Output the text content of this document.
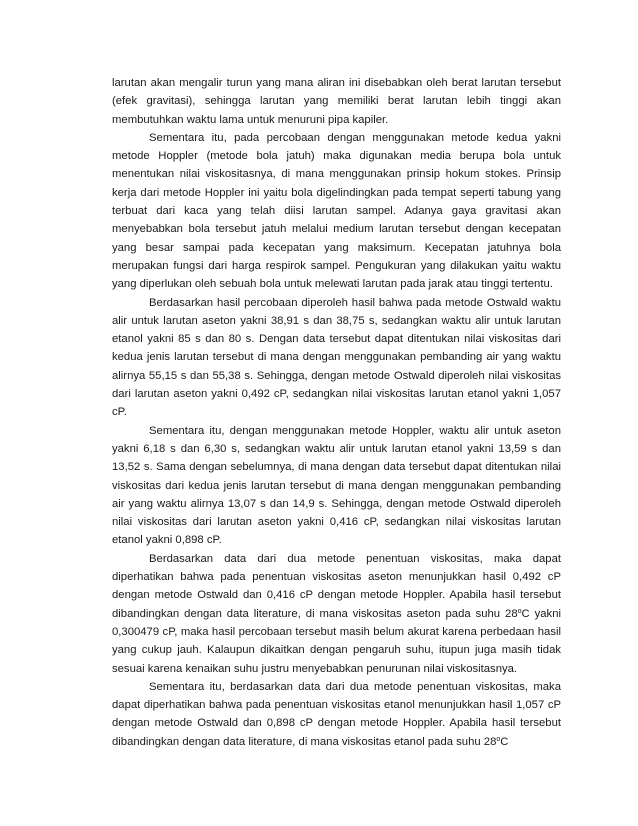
larutan akan mengalir turun yang mana aliran ini disebabkan oleh berat larutan tersebut (efek gravitasi), sehingga larutan yang memiliki berat larutan lebih tinggi akan membutuhkan waktu lama untuk menuruni pipa kapiler.

Sementara itu, pada percobaan dengan menggunakan metode kedua yakni metode Hoppler (metode bola jatuh) maka digunakan media berupa bola untuk menentukan nilai viskositasnya, di mana menggunakan prinsip hokum stokes. Prinsip kerja dari metode Hoppler ini yaitu bola digelindingkan pada tempat seperti tabung yang terbuat dari kaca yang telah diisi larutan sampel. Adanya gaya gravitasi akan menyebabkan bola tersebut jatuh melalui medium larutan tersebut dengan kecepatan yang besar sampai pada kecepatan yang maksimum. Kecepatan jatuhnya bola merupakan fungsi dari harga respirok sampel. Pengukuran yang dilakukan yaitu waktu yang diperlukan oleh sebuah bola untuk melewati larutan pada jarak atau tinggi tertentu.

Berdasarkan hasil percobaan diperoleh hasil bahwa pada metode Ostwald waktu alir untuk larutan aseton yakni 38,91 s dan 38,75 s, sedangkan waktu alir untuk larutan etanol yakni 85 s dan 80 s. Dengan data tersebut dapat ditentukan nilai viskositas dari kedua jenis larutan tersebut di mana dengan menggunakan pembanding air yang waktu alirnya 55,15 s dan 55,38 s. Sehingga, dengan metode Ostwald diperoleh nilai viskositas dari larutan aseton yakni 0,492 cP, sedangkan nilai viskositas larutan etanol yakni 1,057 cP.

Sementara itu, dengan menggunakan metode Hoppler, waktu alir untuk aseton yakni 6,18 s dan 6,30 s, sedangkan waktu alir untuk larutan etanol yakni 13,59 s dan 13,52 s. Sama dengan sebelumnya, di mana dengan data tersebut dapat ditentukan nilai viskositas dari kedua jenis larutan tersebut di mana dengan menggunakan pembanding air yang waktu alirnya 13,07 s dan 14,9 s. Sehingga, dengan metode Ostwald diperoleh nilai viskositas dari larutan aseton yakni 0,416 cP, sedangkan nilai viskositas larutan etanol yakni 0,898 cP.

Berdasarkan data dari dua metode penentuan viskositas, maka dapat diperhatikan bahwa pada penentuan viskositas aseton menunjukkan hasil 0,492 cP dengan metode Ostwald dan 0,416 cP dengan metode Hoppler. Apabila hasil tersebut dibandingkan dengan data literature, di mana viskositas aseton pada suhu 28$^o$C yakni 0,300479 cP, maka hasil percobaan tersebut masih belum akurat karena perbedaan hasil yang cukup jauh. Kalaupun dikaitkan dengan pengaruh suhu, itupun juga masih tidak sesuai karena kenaikan suhu justru menyebabkan penurunan nilai viskositasnya.

Sementara itu, berdasarkan data dari dua metode penentuan viskositas, maka dapat diperhatikan bahwa pada penentuan viskositas etanol menunjukkan hasil 1,057 cP dengan metode Ostwald dan 0,898 cP dengan metode Hoppler. Apabila hasil tersebut dibandingkan dengan data literature, di mana viskositas etanol pada suhu 28$^o$C
